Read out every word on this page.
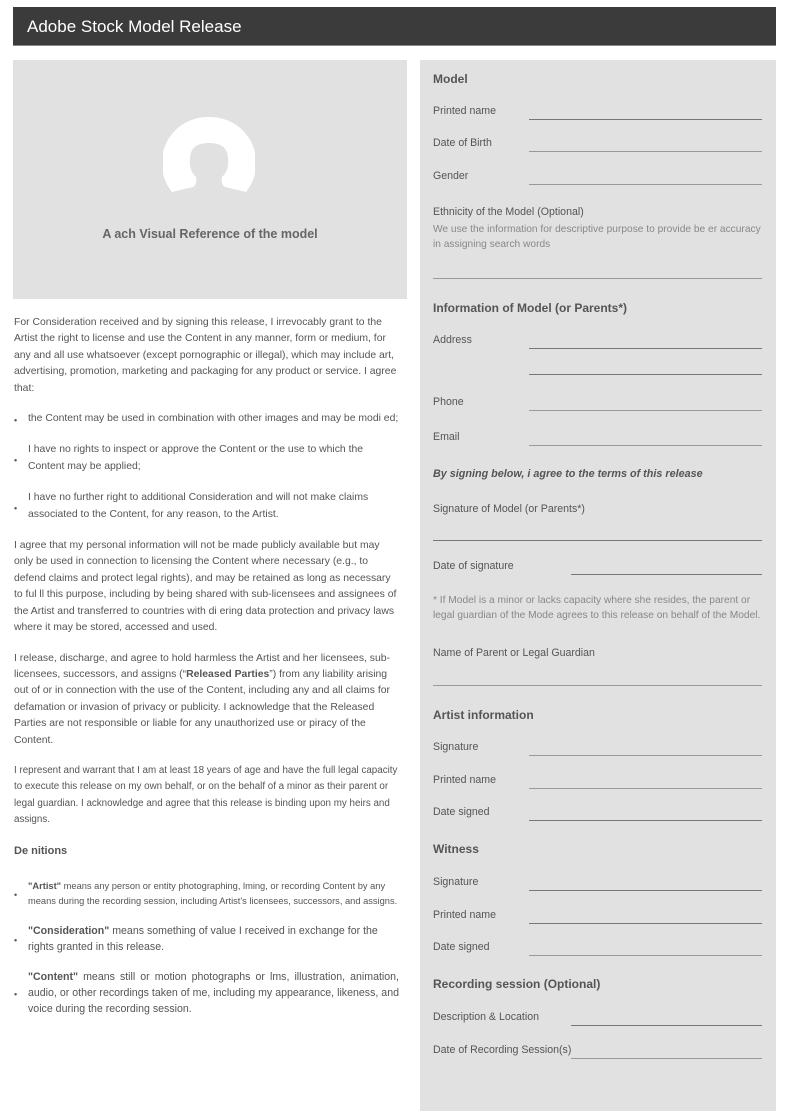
Adobe Stock Model Release
A ach Visual Reference of the model

For Consideration received and by signing this release, I irrevocably grant to the Artist the right to license and use the Content in any manner, form or medium, for any and all use whatsoever (except pornographic or illegal), which may include art, advertising, promotion, marketing and packaging for any product or service. I agree that:

• the Content may be used in combination with other images and may be modi ed;
•
I have no rights to inspect or approve the Content or the use to which the Content may be applied;
•
I have no further right to additional Consideration and will not make claims associated to the Content, for any reason, to the Artist.

I agree that my personal information will not be made publicly available but may only be used in connection to licensing the Content where necessary (e.g., to defend claims and protect legal rights), and may be retained as long as necessary to ful ll this purpose, including by being shared with sub-licensees and assignees of the Artist and transferred to countries with di ering data protection and privacy laws where it may be stored, accessed and used.

I release, discharge, and agree to hold harmless the Artist and her licensees, sub-licensees, successors, and assigns (“Released Parties”) from any liability arising out of or in connection with the use of the Content, including any and all claims for defamation or invasion of privacy or publicity. I acknowledge that the Released Parties are not responsible or liable for any unauthorized use or piracy of the Content.

I represent and warrant that I am at least 18 years of age and have the full legal capacity to execute this release on my own behalf, or on the behalf of a minor as their parent or legal guardian. I acknowledge and agree that this release is binding upon my heirs and assigns.

De nitions
•
"Artist" means any person or entity photographing, lming, or recording Content by any means during the recording session, including Artist's licensees, successors, and assigns.
•
"Consideration" means something of value I received in exchange for the rights granted in this release.
•
"Content" means still or motion photographs or lms, illustration, animation, audio, or other recordings taken of me, including my appearance, likeness, and voice during the recording session.
Model
Printed name
Date of Birth
Gender
Ethnicity of the Model (Optional)
We use the information for descriptive purpose to provide be er accuracy in assigning search words
Information of Model (or Parents*)
Address
Phone
Email
By signing below, i agree to the terms of this release
Signature of Model (or Parents*)
Date of signature
* If Model is a minor or lacks capacity where she resides, the parent or legal guardian of the Mode agrees to this release on behalf of the Model.
Name of Parent or Legal Guardian
Artist information
Signature
Printed name
Date signed
Witness
Signature
Printed name
Date signed
Recording session (Optional)
Description & Location
Date of Recording Session(s)
